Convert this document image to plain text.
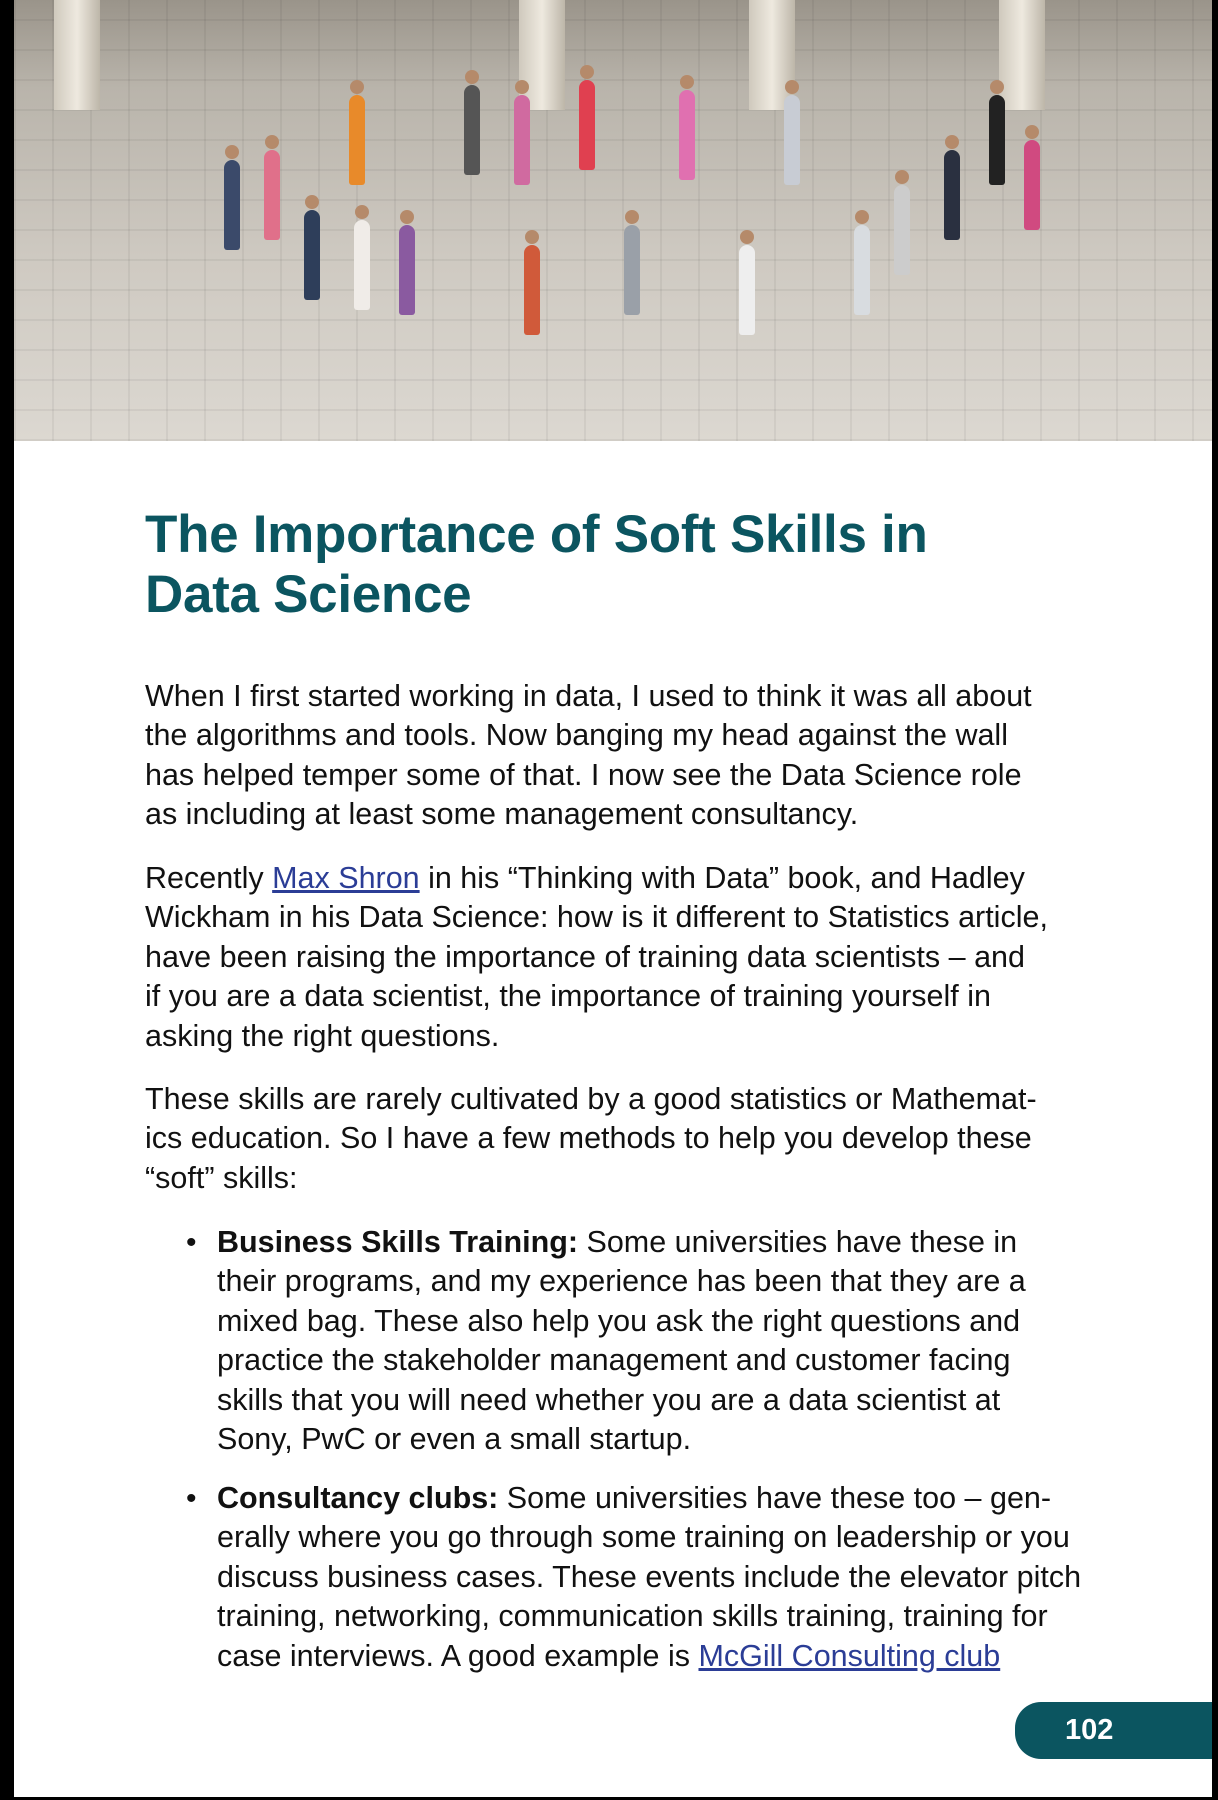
The Importance of Soft Skills in
Data Science
When I first started working in data, I used to think it was all about
the algorithms and tools. Now banging my head against the wall
has helped temper some of that. I now see the Data Science role
as including at least some management consultancy.
Recently Max Shron in his “Thinking with Data” book, and Hadley
Wickham in his Data Science: how is it different to Statistics article,
have been raising the importance of training data scientists – and
if you are a data scientist, the importance of training yourself in
asking the right questions.
These skills are rarely cultivated by a good statistics or Mathemat-
ics education. So I have a few methods to help you develop these
“soft” skills:
• Business Skills Training: Some universities have these in
their programs, and my experience has been that they are a
mixed bag. These also help you ask the right questions and
practice the stakeholder management and customer facing
skills that you will need whether you are a data scientist at
Sony, PwC or even a small startup.
• Consultancy clubs: Some universities have these too – gen-
erally where you go through some training on leadership or you
discuss business cases. These events include the elevator pitch
training, networking, communication skills training, training for
case interviews. A good example is McGill Consulting club
102
